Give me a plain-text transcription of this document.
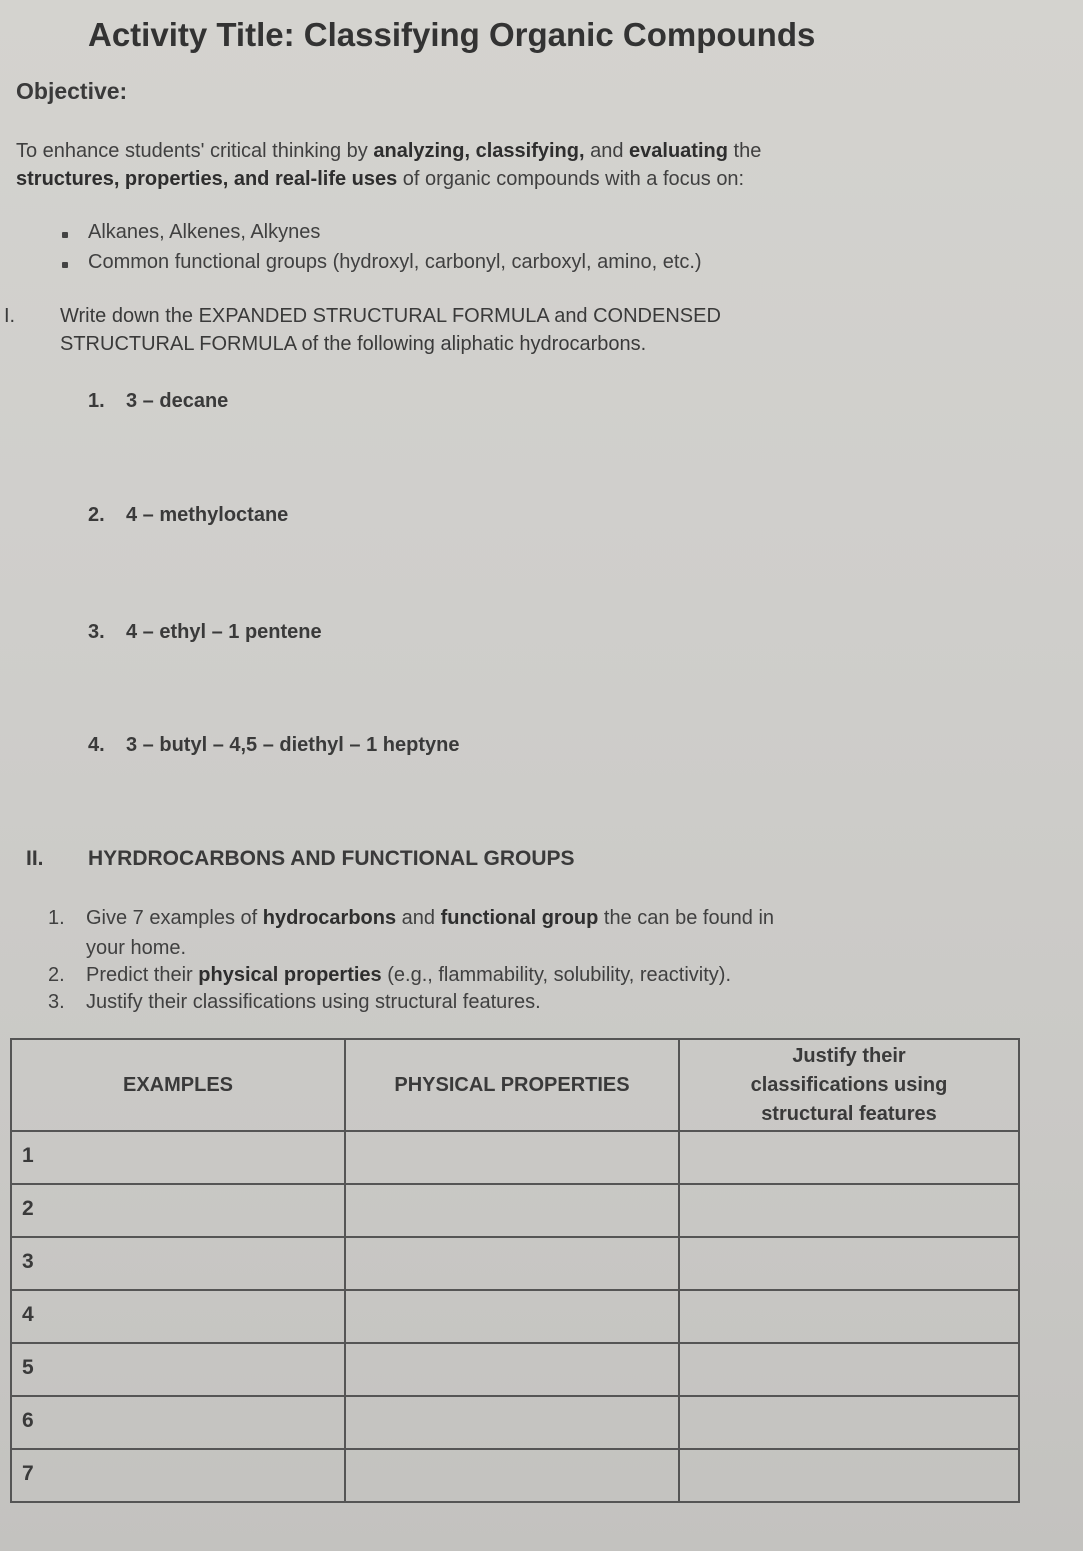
Activity Title: Classifying Organic Compounds
Objective:
To enhance students' critical thinking by analyzing, classifying, and evaluating the
structures, properties, and real-life uses of organic compounds with a focus on:
Alkanes, Alkenes, Alkynes
Common functional groups (hydroxyl, carbonyl, carboxyl, amino, etc.)
I. Write down the EXPANDED STRUCTURAL FORMULA and CONDENSED
STRUCTURAL FORMULA of the following aliphatic hydrocarbons.
1. 3 – decane
2. 4 – methyloctane
3. 4 – ethyl – 1 pentene
4. 3 – butyl – 4,5 – diethyl – 1 heptyne
II. HYRDROCARBONS AND FUNCTIONAL GROUPS
1. Give 7 examples of hydrocarbons and functional group the can be found in
your home.
2. Predict their physical properties (e.g., flammability, solubility, reactivity).
3. Justify their classifications using structural features.
EXAMPLES	PHYSICAL PROPERTIES	Justify their
classifications using
structural features

1		
2		
3		
4		
5		
6		
7		
